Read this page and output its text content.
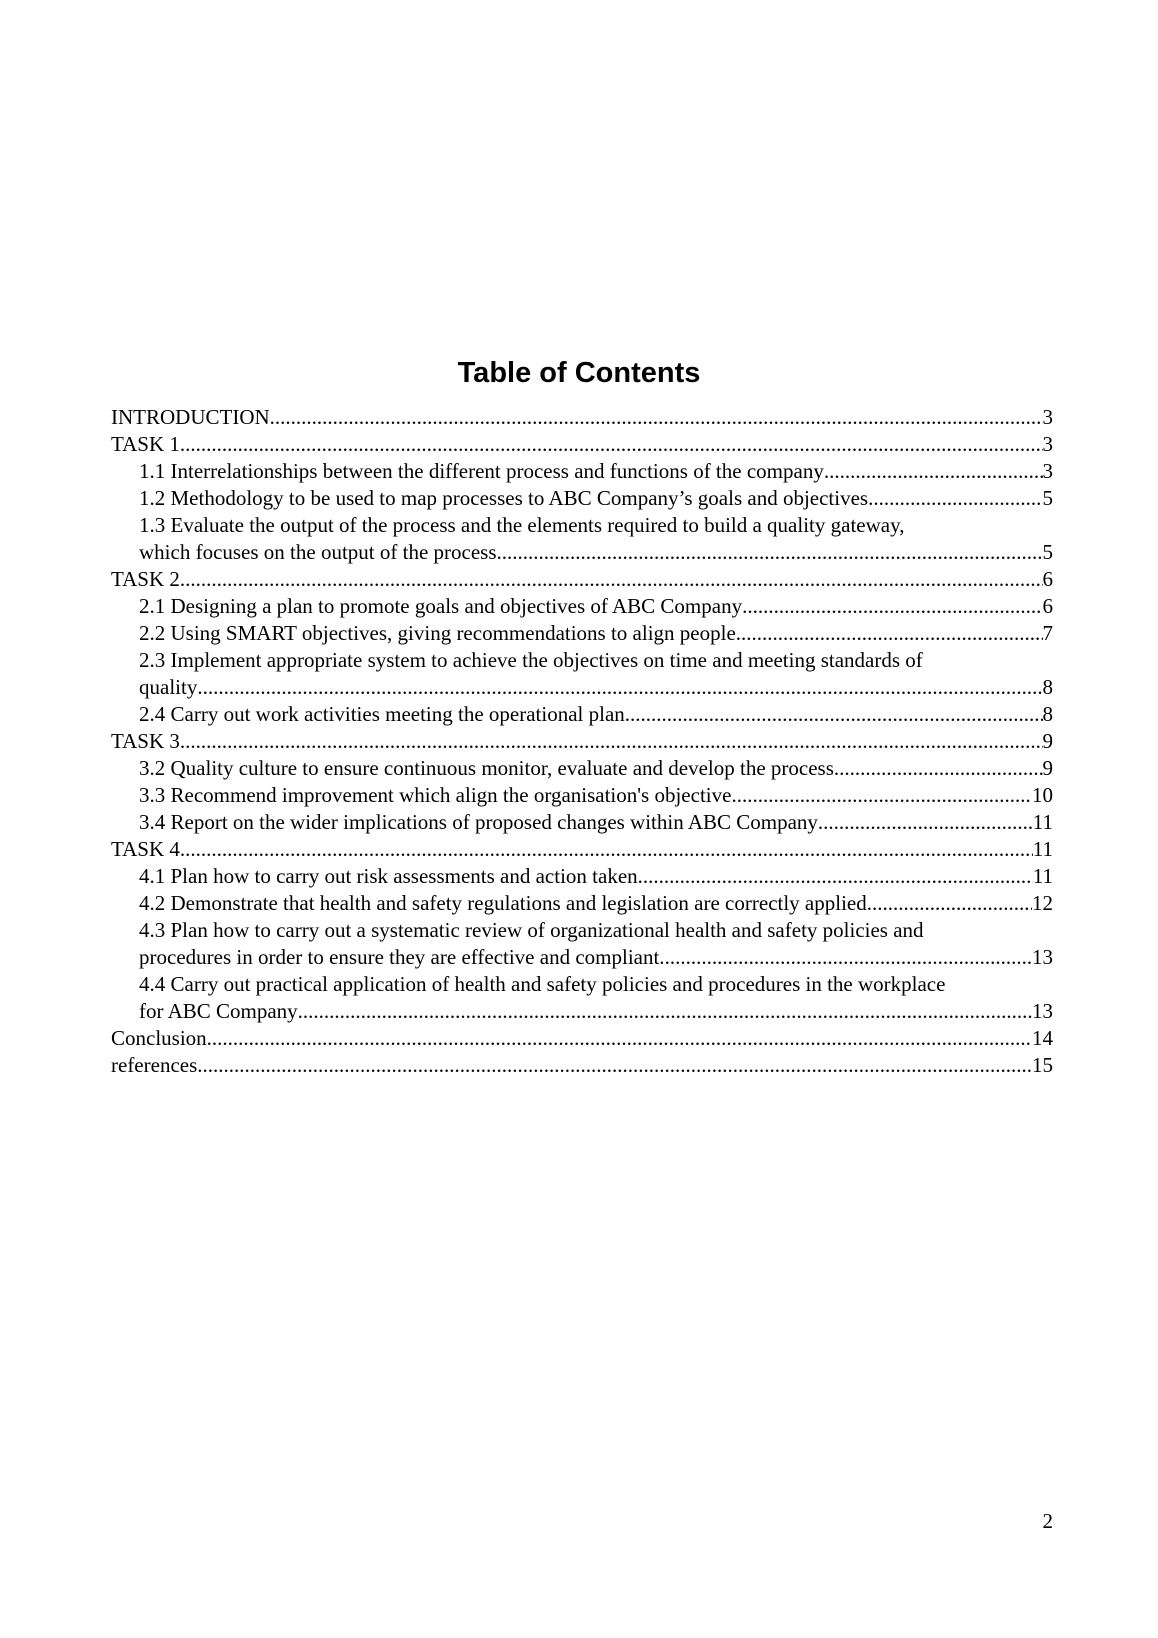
Table of Contents
INTRODUCTION .....	3
TASK 1 .....	3
1.1 Interrelationships between the different process and functions of the company .....	3
1.2 Methodology to be used to map processes to ABC Company’s goals and objectives .....	5
1.3 Evaluate the output of the process and the elements required to build a quality gateway,
which focuses on the output of the process .....	5
TASK 2 .....	6
2.1 Designing a plan to promote goals and objectives of ABC Company .....	6
2.2 Using SMART objectives, giving recommendations to align people .....	7
2.3 Implement appropriate system to achieve the objectives on time and meeting standards of
quality .....	8
2.4 Carry out work activities meeting the operational plan .....	8
TASK 3 .....	9
3.2 Quality culture to ensure continuous monitor, evaluate and develop the process .....	9
3.3 Recommend improvement which align the organisation's objective .....	10
3.4 Report on the wider implications of proposed changes within ABC Company .....	11
TASK 4 .....	11
4.1 Plan how to carry out risk assessments and action taken .....	11
4.2 Demonstrate that health and safety regulations and legislation are correctly applied .....	12
4.3 Plan how to carry out a systematic review of organizational health and safety policies and
procedures in order to ensure they are effective and compliant. .....	13
4.4 Carry out practical application of health and safety policies and procedures in the workplace
for ABC Company .....	13
Conclusion .....	14
references .....	15
2
